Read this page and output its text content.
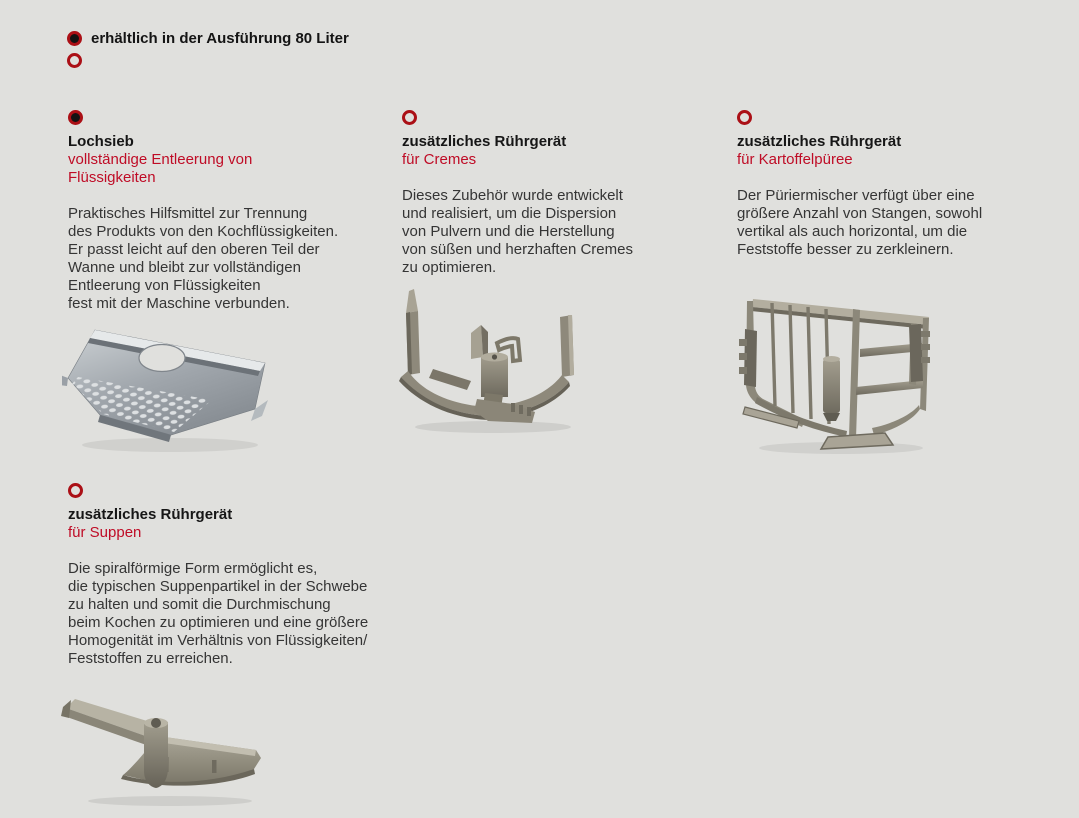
erhältlich in der Ausführung 80 Liter
Lochsieb
vollständige Entleerung von
Flüssigkeiten
Praktisches Hilfsmittel zur Trennung
des Produkts von den Kochflüssigkeiten.
Er passt leicht auf den oberen Teil der
Wanne und bleibt zur vollständigen
Entleerung von Flüssigkeiten
fest mit der Maschine verbunden.
zusätzliches Rührgerät
für Cremes
Dieses Zubehör wurde entwickelt
und realisiert, um die Dispersion
von Pulvern und die Herstellung
von süßen und herzhaften Cremes
zu optimieren.
zusätzliches Rührgerät
für Kartoffelpüree
Der Püriermischer verfügt über eine
größere Anzahl von Stangen, sowohl
vertikal als auch horizontal, um die
Feststoffe besser zu zerkleinern.
zusätzliches Rührgerät
für Suppen
Die spiralförmige Form ermöglicht es,
die typischen Suppenpartikel in der Schwebe
zu halten und somit die Durchmischung
beim Kochen zu optimieren und eine größere
Homogenität im Verhältnis von Flüssigkeiten/
Feststoffen zu erreichen.
